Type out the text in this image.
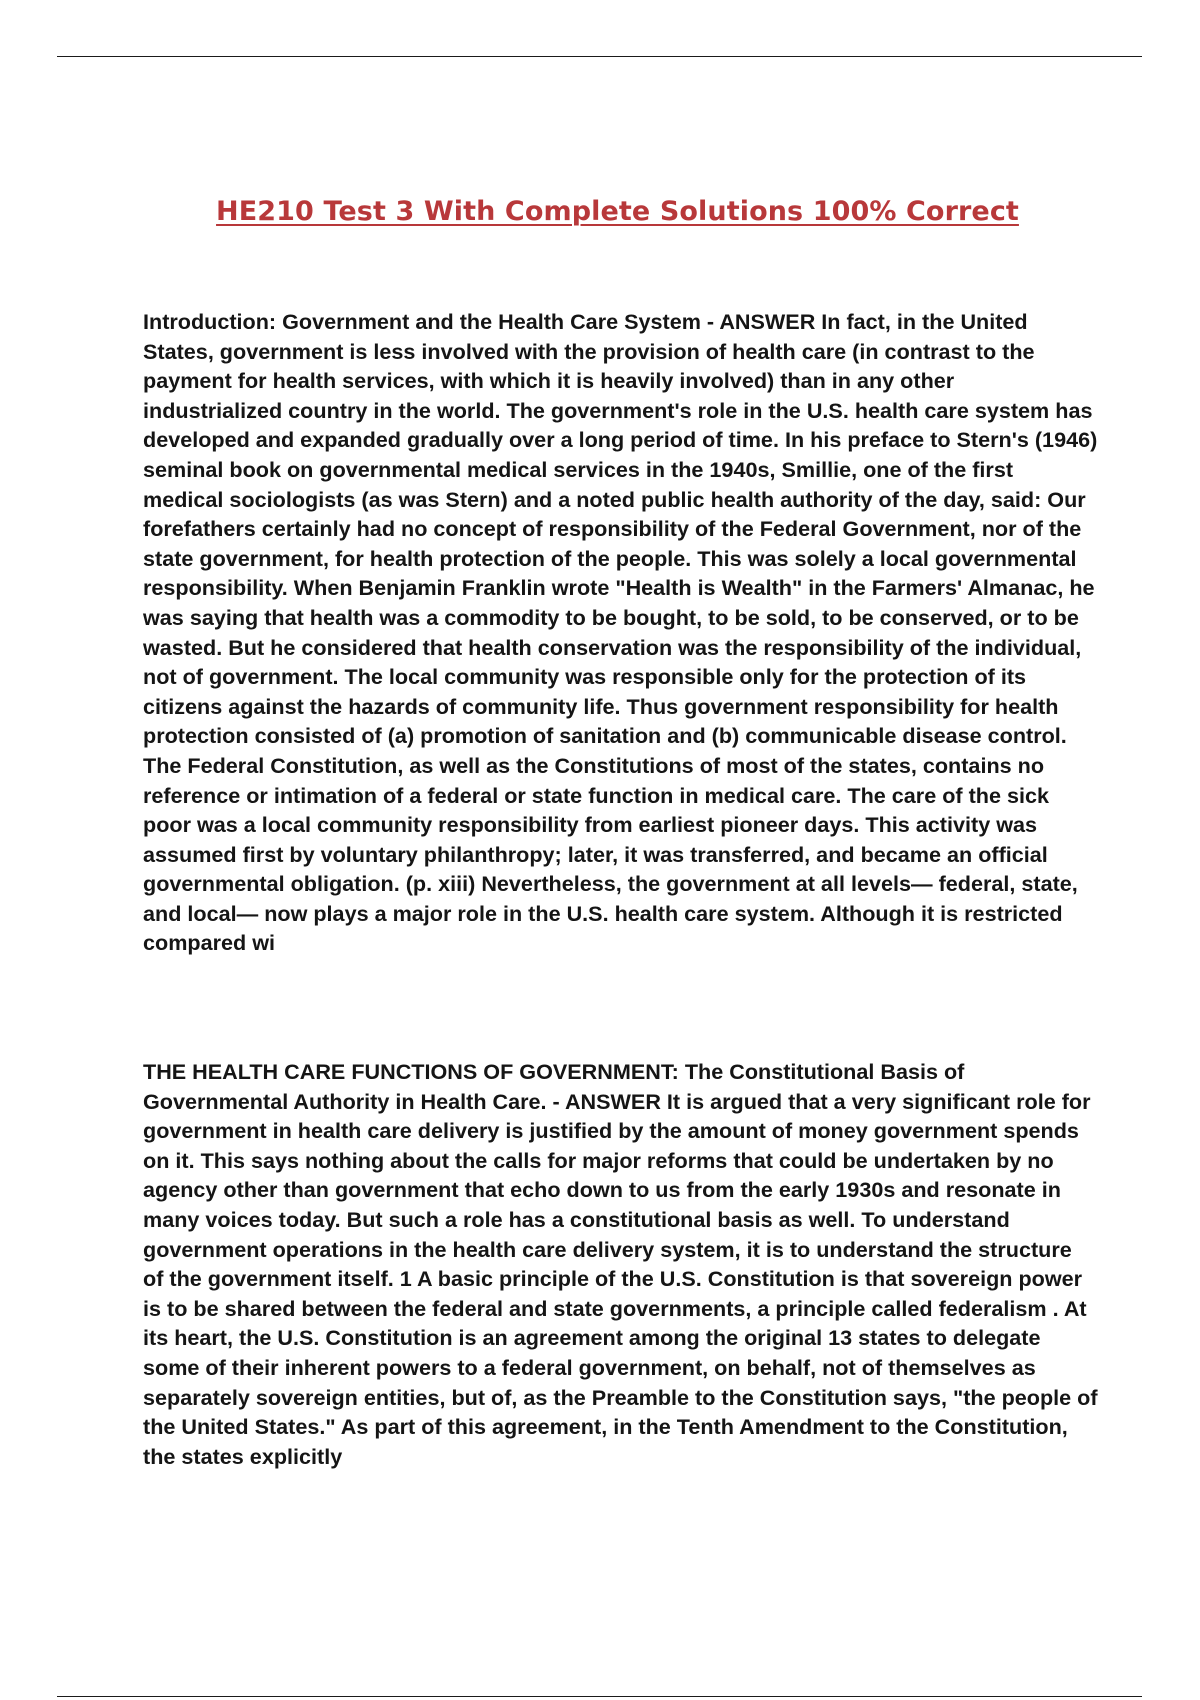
HE210 Test 3 With Complete Solutions 100% Correct

Introduction: Government and the Health Care System - ANSWER In fact, in the United States, government is less involved with the provision of health care (in contrast to the payment for health services, with which it is heavily involved) than in any other industrialized country in the world. The government's role in the U.S. health care system has developed and expanded gradually over a long period of time. In his preface to Stern's (1946) seminal book on governmental medical services in the 1940s, Smillie, one of the first medical sociologists (as was Stern) and a noted public health authority of the day, said: Our forefathers certainly had no concept of responsibility of the Federal Government, nor of the state government, for health protection of the people. This was solely a local governmental responsibility. When Benjamin Franklin wrote "Health is Wealth" in the Farmers' Almanac, he was saying that health was a commodity to be bought, to be sold, to be conserved, or to be wasted. But he considered that health conservation was the responsibility of the individual, not of government. The local community was responsible only for the protection of its citizens against the hazards of community life. Thus government responsibility for health protection consisted of (a) promotion of sanitation and (b) communicable disease control. The Federal Constitution, as well as the Constitutions of most of the states, contains no reference or intimation of a federal or state function in medical care. The care of the sick poor was a local community responsibility from earliest pioneer days. This activity was assumed first by voluntary philanthropy; later, it was transferred, and became an official governmental obligation. (p. xiii) Nevertheless, the government at all levels— federal, state, and local— now plays a major role in the U.S. health care system. Although it is restricted compared wi

THE HEALTH CARE FUNCTIONS OF GOVERNMENT: The Constitutional Basis of Governmental Authority in Health Care. - ANSWER It is argued that a very significant role for government in health care delivery is justified by the amount of money government spends on it. This says nothing about the calls for major reforms that could be undertaken by no agency other than government that echo down to us from the early 1930s and resonate in many voices today. But such a role has a constitutional basis as well. To understand government operations in the health care delivery system, it is to understand the structure of the government itself. 1 A basic principle of the U.S. Constitution is that sovereign power is to be shared between the federal and state governments, a principle called federalism . At its heart, the U.S. Constitution is an agreement among the original 13 states to delegate some of their inherent powers to a federal government, on behalf, not of themselves as separately sovereign entities, but of, as the Preamble to the Constitution says, "the people of the United States." As part of this agreement, in the Tenth Amendment to the Constitution, the states explicitly
